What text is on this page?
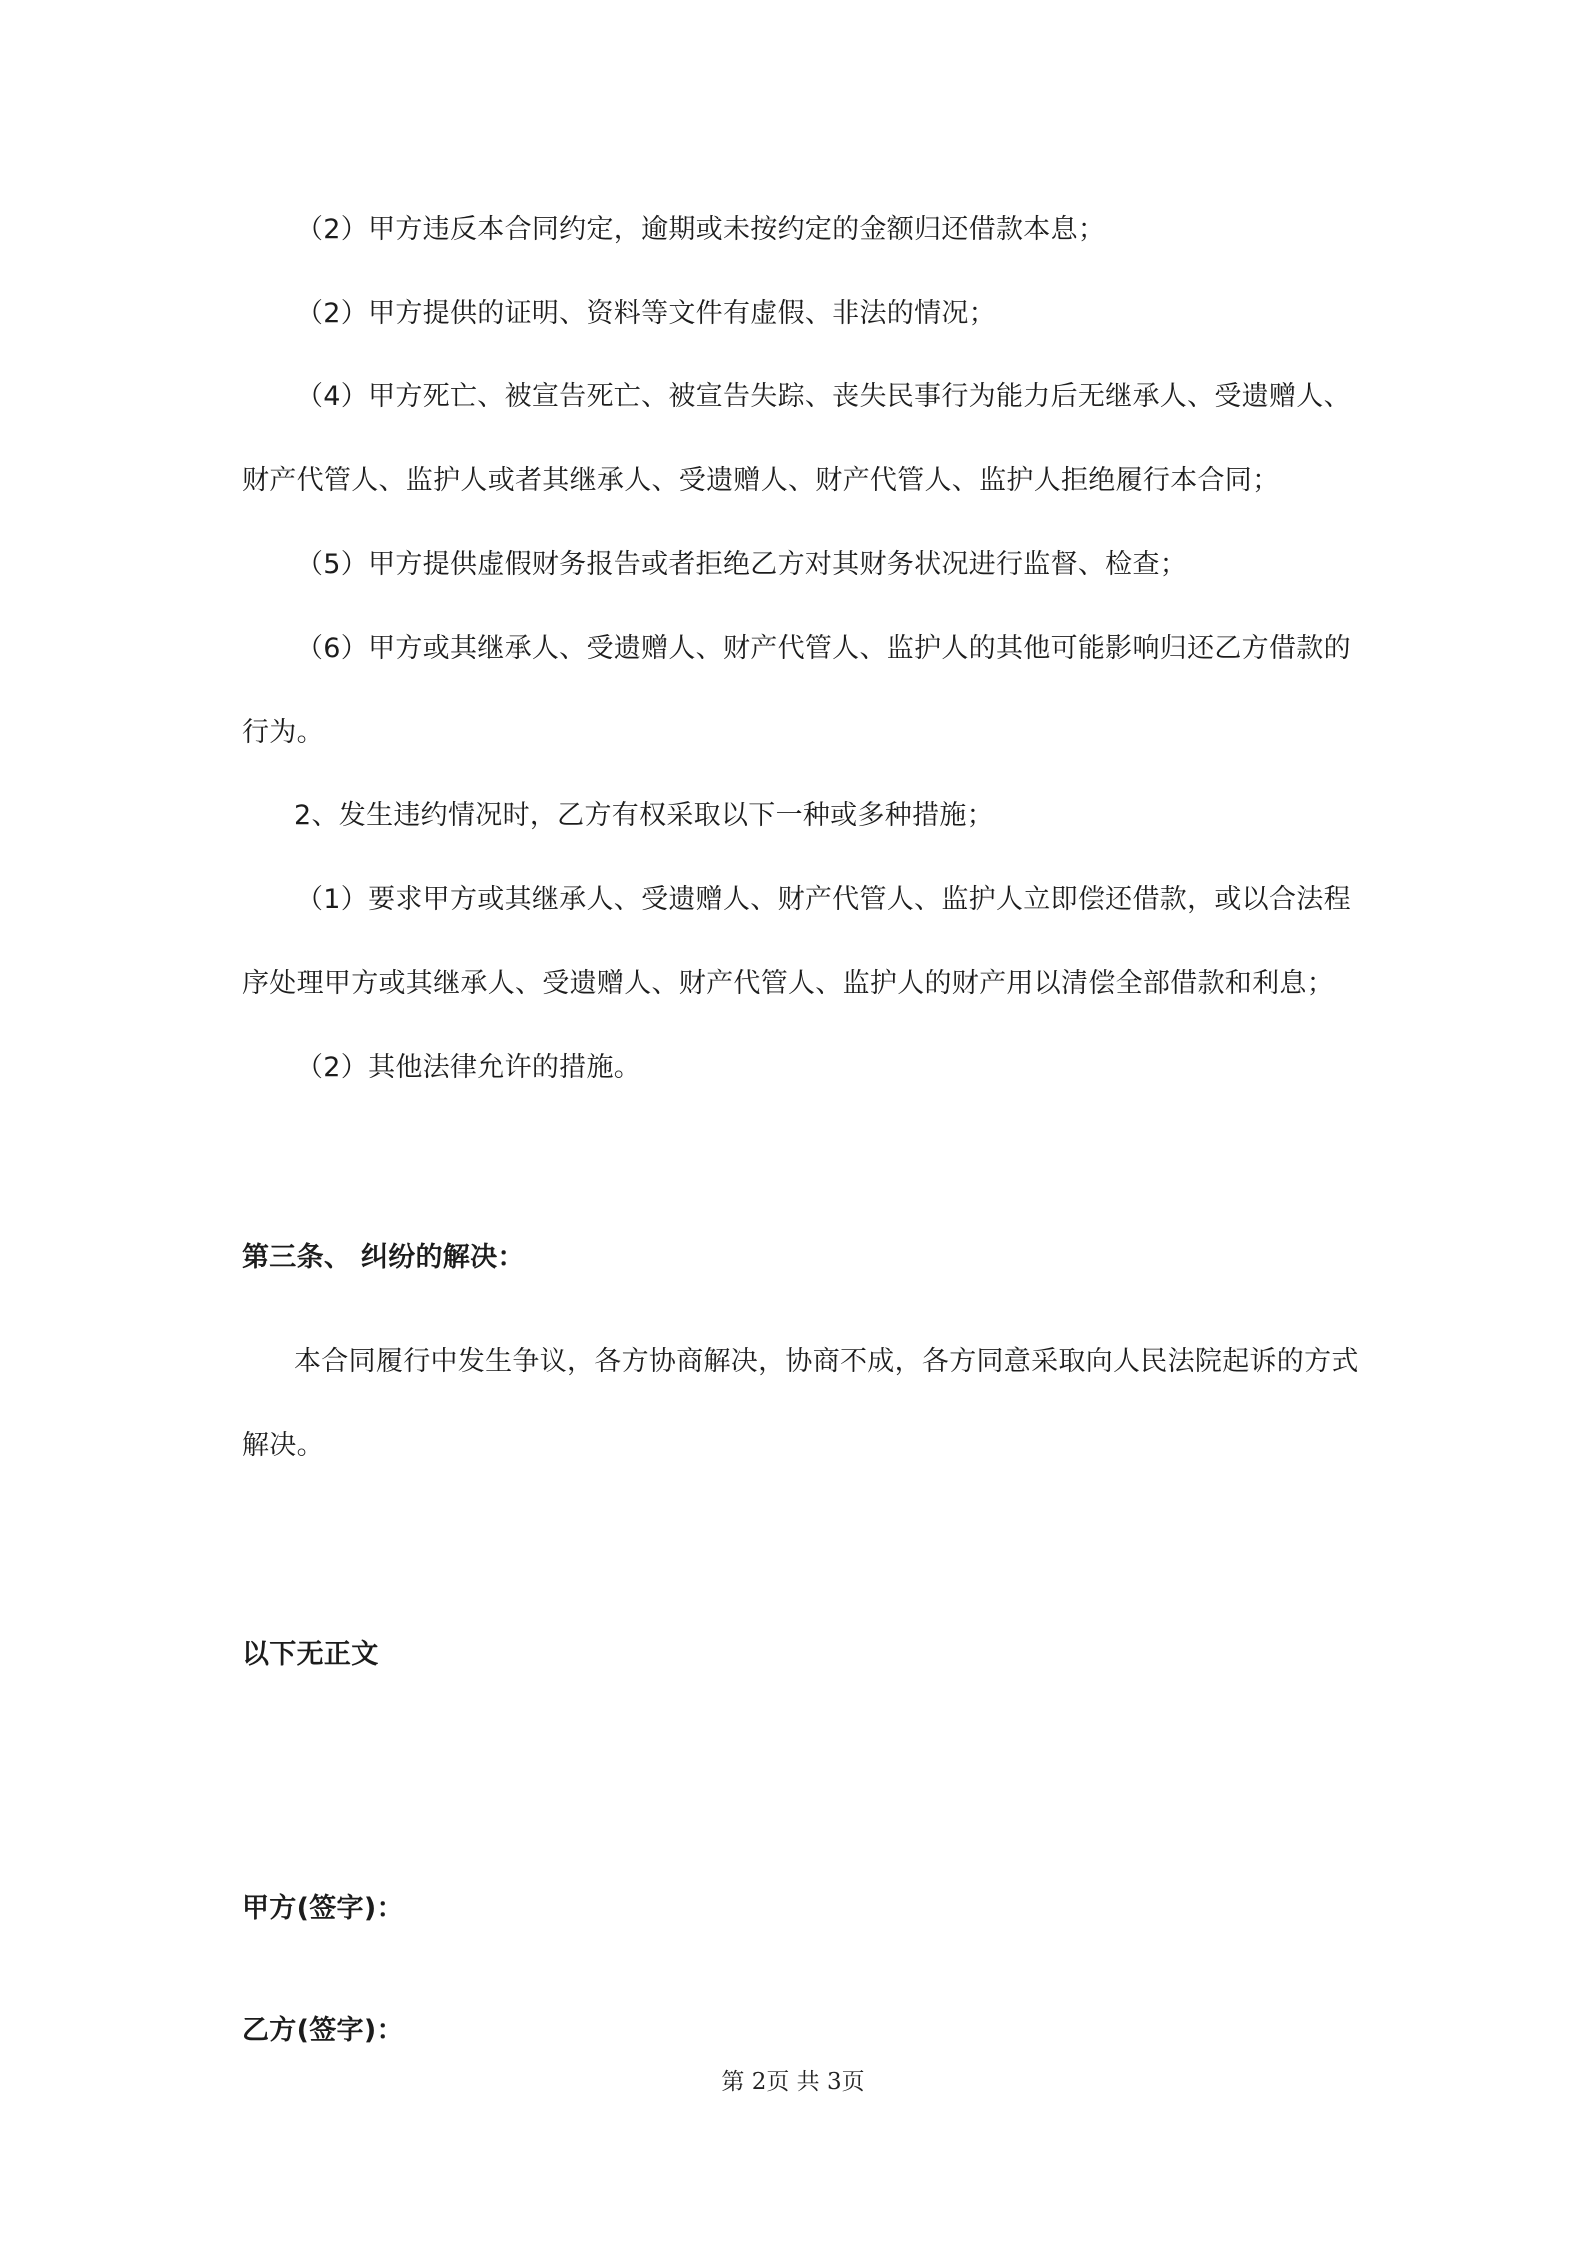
（2）甲方违反本合同约定，逾期或未按约定的金额归还借款本息；
（2）甲方提供的证明、资料等文件有虚假、非法的情况；
（4）甲方死亡、被宣告死亡、被宣告失踪、丧失民事行为能力后无继承人、受遗赠人、
财产代管人、监护人或者其继承人、受遗赠人、财产代管人、监护人拒绝履行本合同；
（5）甲方提供虚假财务报告或者拒绝乙方对其财务状况进行监督、检查；
（6）甲方或其继承人、受遗赠人、财产代管人、监护人的其他可能影响归还乙方借款的
行为。
2、发生违约情况时，乙方有权采取以下一种或多种措施；
（1）要求甲方或其继承人、受遗赠人、财产代管人、监护人立即偿还借款，或以合法程
序处理甲方或其继承人、受遗赠人、财产代管人、监护人的财产用以清偿全部借款和利息；
（2）其他法律允许的措施。
第三条、 纠纷的解决：
本合同履行中发生争议，各方协商解决，协商不成，各方同意采取向人民法院起诉的方式
解决。
以下无正文
甲方(签字)：
乙方(签字)：
第 2页 共 3页
